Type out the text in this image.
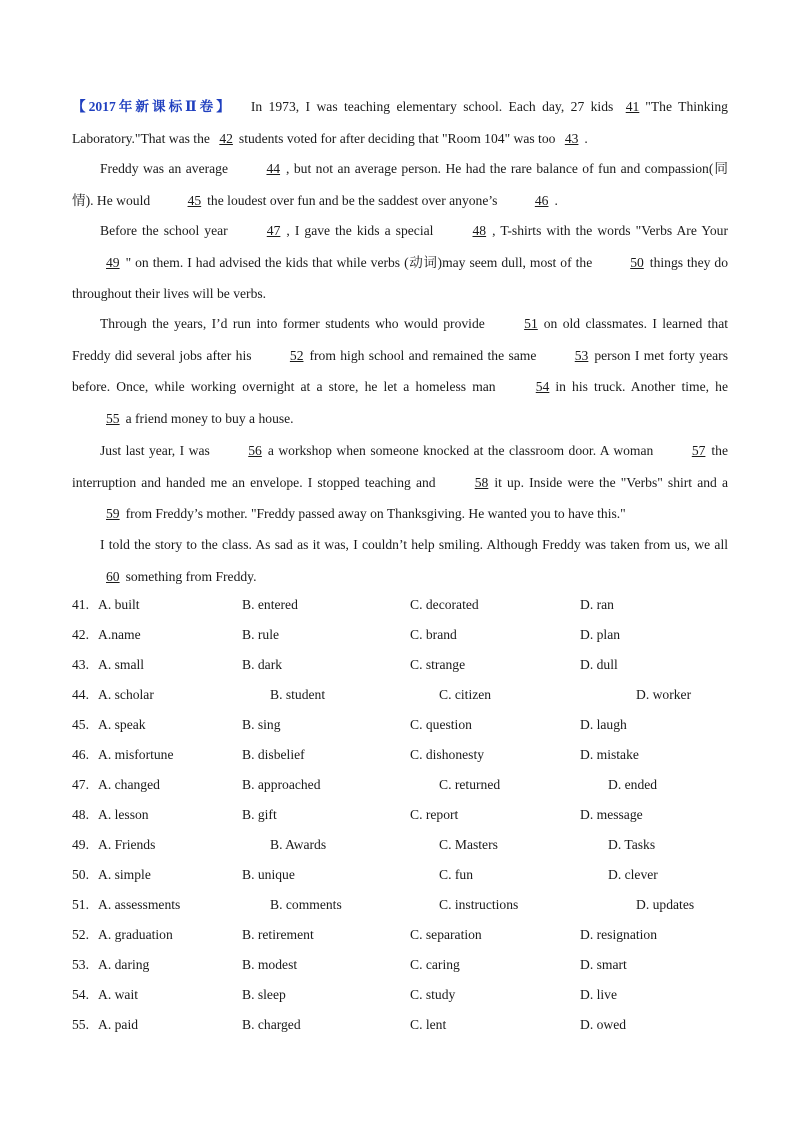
【2017年新课标Ⅱ卷】 In 1973, I was teaching elementary school. Each day, 27 kids 41 "The Thinking Laboratory."That was the 42 students voted for after deciding that "Room 104" was too 43 .

Freddy was an average	44 , but not an average person. He had the rare balance of fun and compassion(同情). He would	45 the loudest over fun and be the saddest over anyone’s	46 .

Before the school year	47 , I gave the kids a special	48 , T-shirts with the words "Verbs Are Your 49 " on them. I had advised the kids that while verbs (动词)may seem dull, most of the	50 things they do throughout their lives will be verbs.

Through the years, I’d run into former students who would provide	51 on old classmates. I learned that Freddy did several jobs after his	52 from high school and remained the same	53 person I met forty years before. Once, while working overnight at a store, he let a homeless man	54 in his truck. Another time, he 55 a friend money to buy a house.

Just last year, I was	56 a workshop when someone knocked at the classroom door. A woman	57 the interruption and handed me an envelope. I stopped teaching and	58 it up. Inside were the "Verbs" shirt and a 59 from Freddy’s mother. "Freddy passed away on Thanksgiving. He wanted you to have this."

I told the story to the class. As sad as it was, I couldn’t help smiling. Although Freddy was taken from us, we all 60 something from Freddy.

41. A. built	B. entered	C. decorated	D. ran
42. A.name	B. rule	C. brand	D. plan
43. A. small	B. dark	C. strange	D. dull
44. A. scholar	B. student	C. citizen	D. worker
45. A. speak	B. sing	C. question	D. laugh
46. A. misfortune	B. disbelief	C. dishonesty	D. mistake
47. A. changed	B. approached	C. returned	D. ended
48. A. lesson	B. gift	C. report	D. message
49. A. Friends	B. Awards	C. Masters	D. Tasks
50. A. simple	B. unique	C. fun	D. clever
51. A. assessments	B. comments	C. instructions	D. updates
52. A. graduation	B. retirement	C. separation	D. resignation
53. A. daring	B. modest	C. caring	D. smart
54. A. wait	B. sleep	C. study	D. live
55. A. paid	B. charged	C. lent	D. owed
